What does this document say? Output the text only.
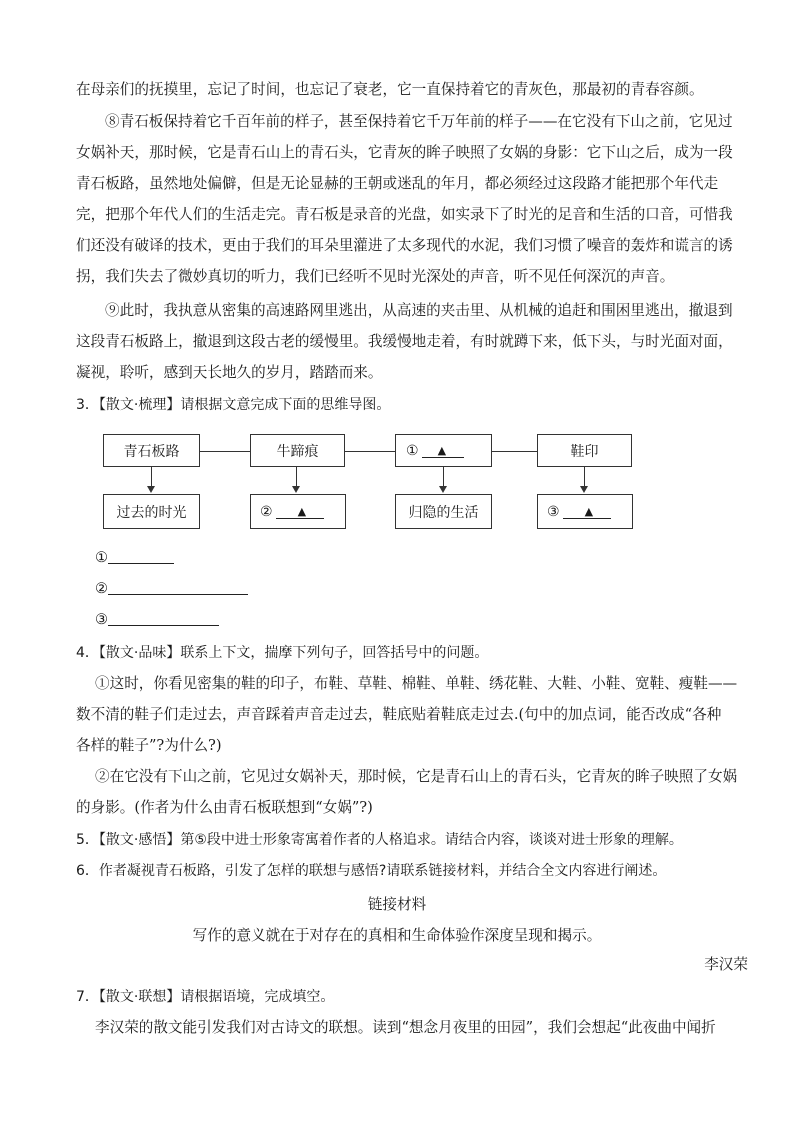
在母亲们的抚摸里，忘记了时间，也忘记了衰老，它一直保持着它的青灰色，那最初的青春容颜。
⑧青石板保持着它千百年前的样子，甚至保持着它千万年前的样子——在它没有下山之前，它见过
女娲补天，那时候，它是青石山上的青石头，它青灰的眸子映照了女娲的身影：它下山之后，成为一段
青石板路，虽然地处偏僻，但是无论显赫的王朝或迷乱的年月，都必须经过这段路才能把那个年代走
完，把那个年代人们的生活走完。青石板是录音的光盘，如实录下了时光的足音和生活的口音，可惜我
们还没有破译的技术，更由于我们的耳朵里灌进了太多现代的水泥，我们习惯了噪音的轰炸和谎言的诱
拐，我们失去了微妙真切的听力，我们已经听不见时光深处的声音，听不见任何深沉的声音。
⑨此时，我执意从密集的高速路网里逃出，从高速的夹击里、从机械的追赶和围困里逃出，撤退到
这段青石板路上，撤退到这段古老的缓慢里。我缓慢地走着，有时就蹲下来，低下头，与时光面对面，
凝视，聆听，感到天长地久的岁月，踏踏而来。
3．【散文·梳理】请根据文意完成下面的思维导图。
青石板路	牛蹄痕	① ▲	鞋印
过去的时光	② ▲	归隐的生活	③ ▲
①
②
③
4．【散文·品味】联系上下文，揣摩下列句子，回答括号中的问题。
①这时，你看见密集的鞋的印子，布鞋、草鞋、棉鞋、单鞋、绣花鞋、大鞋、小鞋、宽鞋、瘦鞋——
数不清的鞋子们走过去，声音踩着声音走过去，鞋底贴着鞋底走过去.(句中的加点词，能否改成“各种
各样的鞋子”?为什么?)
②在它没有下山之前，它见过女娲补天，那时候，它是青石山上的青石头，它青灰的眸子映照了女娲
的身影。(作者为什么由青石板联想到“女娲”?)
5．【散文·感悟】第⑤段中进士形象寄寓着作者的人格追求。请结合内容，谈谈对进士形象的理解。
6．作者凝视青石板路，引发了怎样的联想与感悟?请联系链接材料，并结合全文内容进行阐述。
链接材料
写作的意义就在于对存在的真相和生命体验作深度呈现和揭示。
李汉荣
7．【散文·联想】请根据语境，完成填空。
李汉荣的散文能引发我们对古诗文的联想。读到“想念月夜里的田园”，我们会想起“此夜曲中闻折
